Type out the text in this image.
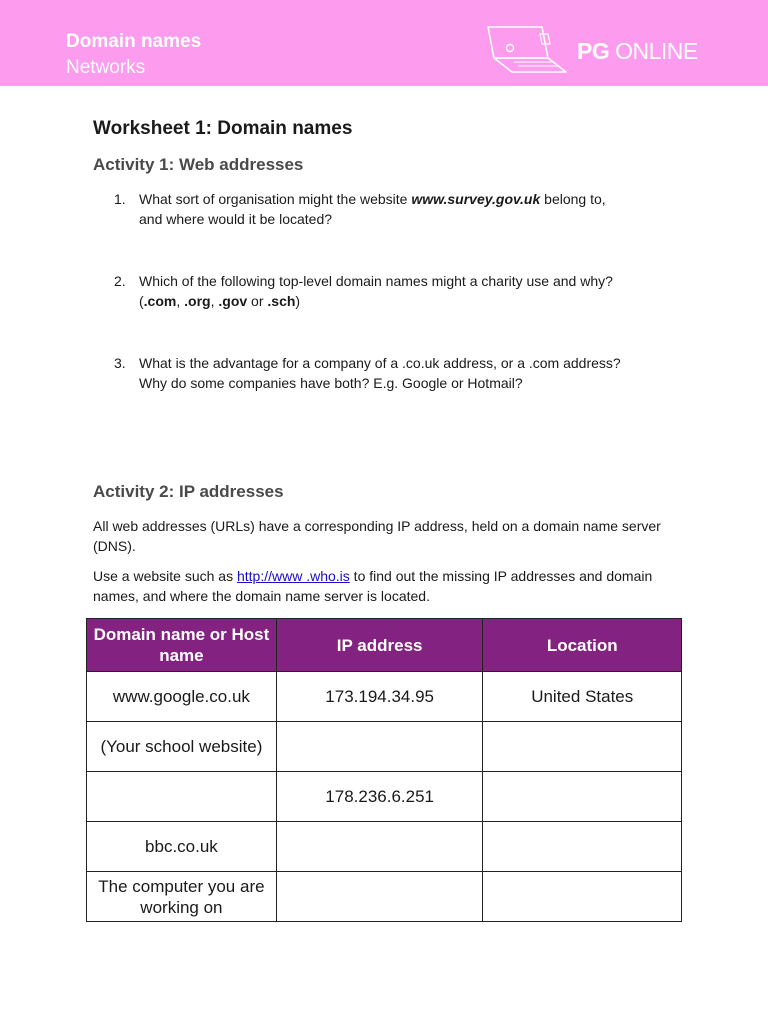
Domain names
Networks
PG ONLINE
Worksheet 1: Domain names
Activity 1: Web addresses
1. What sort of organisation might the website www.survey.gov.uk belong to,
and where would it be located?
2. Which of the following top-level domain names might a charity use and why?
(.com, .org, .gov or .sch)
3. What is the advantage for a company of a .co.uk address, or a .com address?
Why do some companies have both? E.g. Google or Hotmail?
Activity 2: IP addresses
All web addresses (URLs) have a corresponding IP address, held on a domain name server (DNS).
Use a website such as http://www .who.is to find out the missing IP addresses and domain names, and where the domain name server is located.
Domain name or Host name	IP address	Location
www.google.co.uk	173.194.34.95	United States
(Your school website)		
	178.236.6.251	
bbc.co.uk		
The computer you are working on		
